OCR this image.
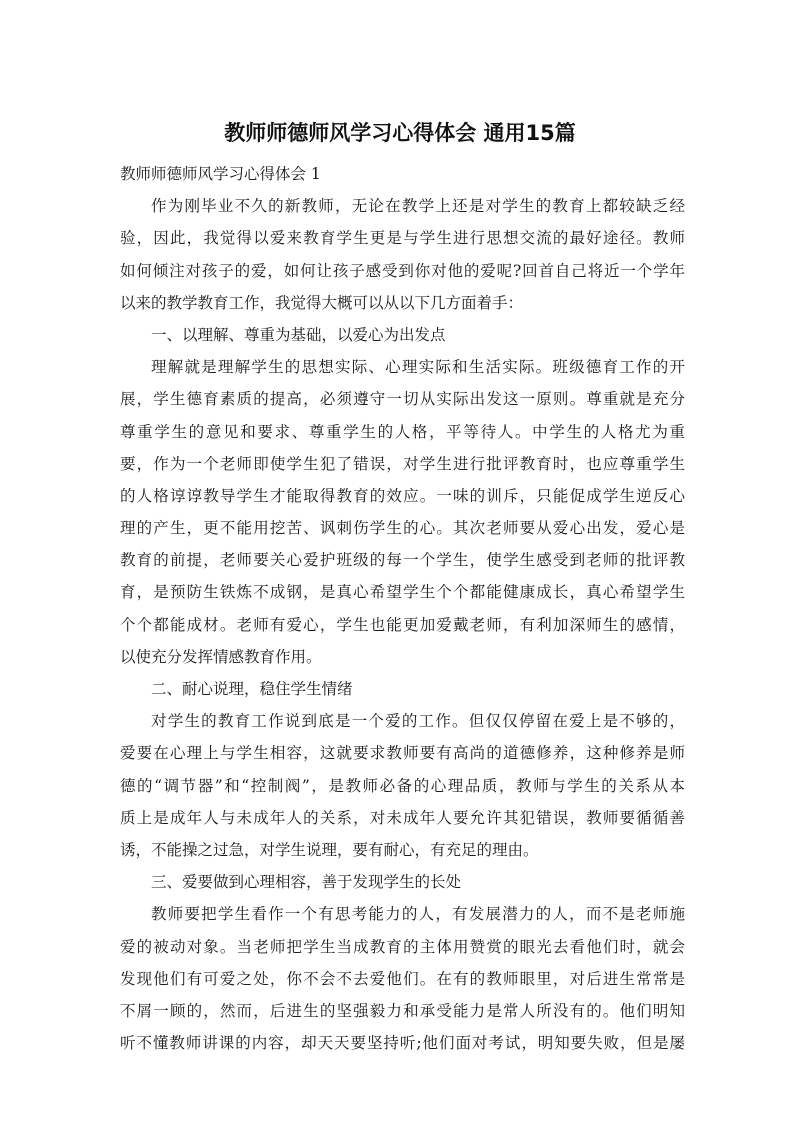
教师师德师风学习心得体会 通用15篇
教师师德师风学习心得体会 1
作为刚毕业不久的新教师，无论在教学上还是对学生的教育上都较缺乏经
验，因此，我觉得以爱来教育学生更是与学生进行思想交流的最好途径。教师
如何倾注对孩子的爱，如何让孩子感受到你对他的爱呢?回首自己将近一个学年
以来的教学教育工作，我觉得大概可以从以下几方面着手：
一、以理解、尊重为基础，以爱心为出发点
理解就是理解学生的思想实际、心理实际和生活实际。班级德育工作的开
展，学生德育素质的提高，必须遵守一切从实际出发这一原则。尊重就是充分
尊重学生的意见和要求、尊重学生的人格，平等待人。中学生的人格尤为重
要，作为一个老师即使学生犯了错误，对学生进行批评教育时，也应尊重学生
的人格谆谆教导学生才能取得教育的效应。一味的训斥，只能促成学生逆反心
理的产生，更不能用挖苦、讽刺伤学生的心。其次老师要从爱心出发，爱心是
教育的前提，老师要关心爱护班级的每一个学生，使学生感受到老师的批评教
育，是预防生铁炼不成钢，是真心希望学生个个都能健康成长，真心希望学生
个个都能成材。老师有爱心，学生也能更加爱戴老师，有利加深师生的感情，
以使充分发挥情感教育作用。
二、耐心说理，稳住学生情绪
对学生的教育工作说到底是一个爱的工作。但仅仅停留在爱上是不够的，
爱要在心理上与学生相容，这就要求教师要有高尚的道德修养，这种修养是师
德的“调节器”和“控制阀”，是教师必备的心理品质，教师与学生的关系从本
质上是成年人与未成年人的关系，对未成年人要允许其犯错误，教师要循循善
诱，不能操之过急，对学生说理，要有耐心，有充足的理由。
三、爱要做到心理相容，善于发现学生的长处
教师要把学生看作一个有思考能力的人，有发展潜力的人，而不是老师施
爱的被动对象。当老师把学生当成教育的主体用赞赏的眼光去看他们时，就会
发现他们有可爱之处，你不会不去爱他们。在有的教师眼里，对后进生常常是
不屑一顾的，然而，后进生的坚强毅力和承受能力是常人所没有的。他们明知
听不懂教师讲课的内容，却天天要坚持听;他们面对考试，明知要失败，但是屡
